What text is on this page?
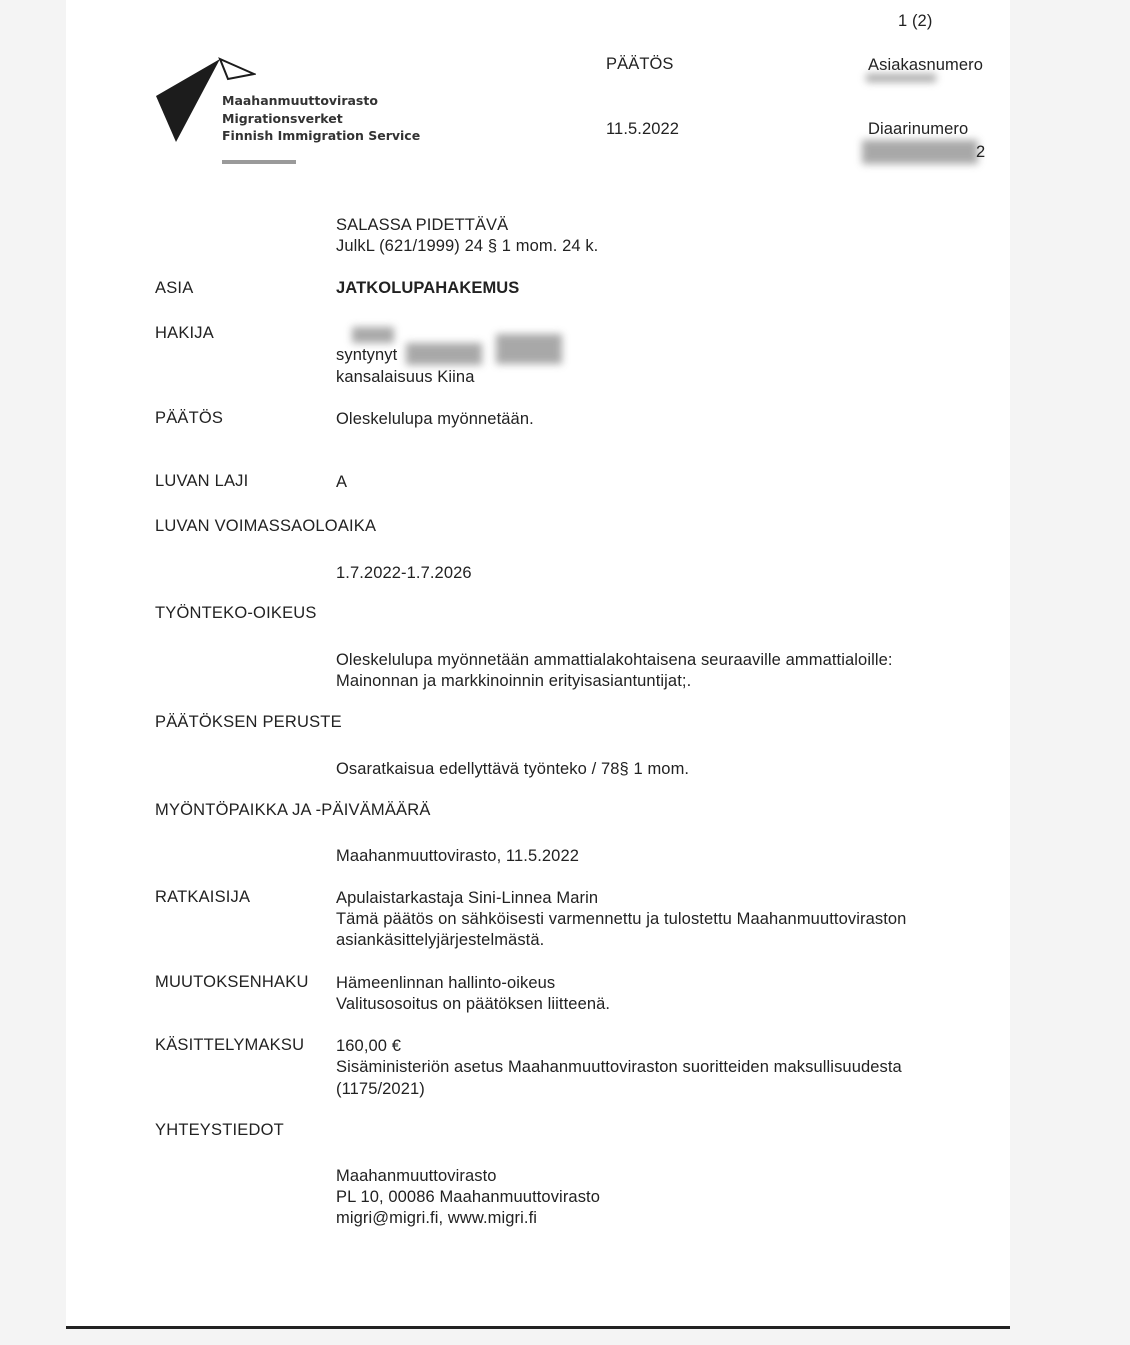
1 (2)
Maahanmuuttovirasto
Migrationsverket
Finnish Immigration Service
PÄÄTÖS
11.5.2022
Asiakasnumero
Diaarinumero
2
SALASSA PIDETTÄVÄ
JulkL (621/1999) 24 § 1 mom. 24 k.
ASIA	JATKOLUPAHAKEMUS
HAKIJA
syntynyt
kansalaisuus Kiina
PÄÄTÖS	Oleskelulupa myönnetään.
LUVAN LAJI	A
LUVAN VOIMASSAOLOAIKA
1.7.2022-1.7.2026
TYÖNTEKO-OIKEUS
Oleskelulupa myönnetään ammattialakohtaisena seuraaville ammattialoille:
Mainonnan ja markkinoinnin erityisasiantuntijat;.
PÄÄTÖKSEN PERUSTE
Osaratkaisua edellyttävä työnteko / 78§ 1 mom.
MYÖNTÖPAIKKA JA -PÄIVÄMÄÄRÄ
Maahanmuuttovirasto, 11.5.2022
RATKAISIJA	Apulaistarkastaja Sini-Linnea Marin
Tämä päätös on sähköisesti varmennettu ja tulostettu Maahanmuuttoviraston
asiankäsittelyjärjestelmästä.
MUUTOKSENHAKU Hämeenlinnan hallinto-oikeus
Valitusosoitus on päätöksen liitteenä.
KÄSITTELYMAKSU 160,00 €
Sisäministeriön asetus Maahanmuuttoviraston suoritteiden maksullisuudesta
(1175/2021)
YHTEYSTIEDOT
Maahanmuuttovirasto
PL 10, 00086 Maahanmuuttovirasto
migri@migri.fi, www.migri.fi
